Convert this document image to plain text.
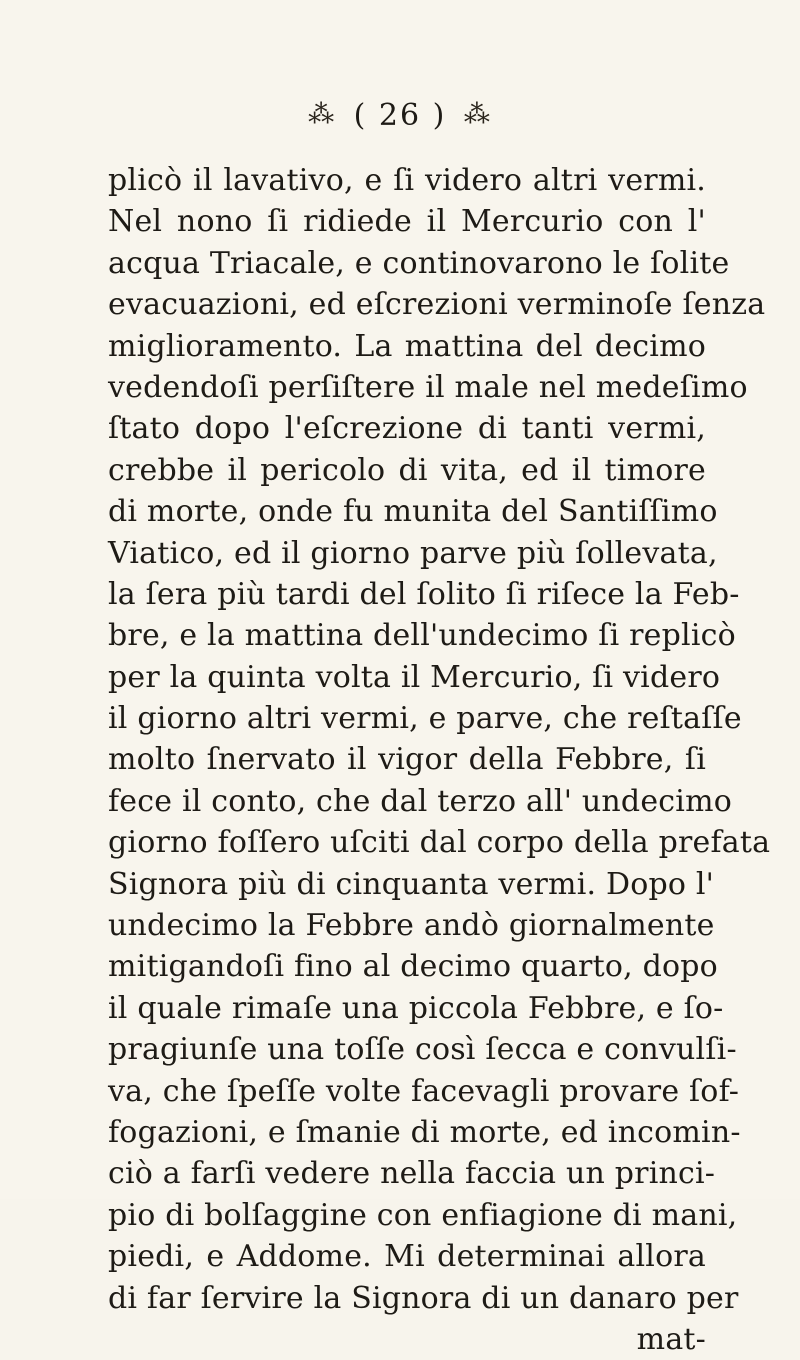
⁂ ( 26 ) ⁂
plicò il lavativo, e ſi videro altri vermi.
Nel nono ſi ridiede il Mercurio con l'
acqua Triacale, e continovarono le ſolite
evacuazioni, ed eſcrezioni verminoſe ſenza
miglioramento. La mattina del decimo
vedendoſi perſiſtere il male nel medeſimo
ſtato dopo l'eſcrezione di tanti vermi,
crebbe il pericolo di vita, ed il timore
di morte, onde fu munita del Santiſſimo
Viatico, ed il giorno parve più ſollevata,
la ſera più tardi del ſolito ſi riſece la Feb-
bre, e la mattina dell'undecimo ſi replicò
per la quinta volta il Mercurio, ſi videro
il giorno altri vermi, e parve, che reſtaſſe
molto ſnervato il vigor della Febbre, ſi
fece il conto, che dal terzo all' undecimo
giorno foſſero uſciti dal corpo della prefata
Signora più di cinquanta vermi. Dopo l'
undecimo la Febbre andò giornalmente
mitigandoſi fino al decimo quarto, dopo
il quale rimaſe una piccola Febbre, e ſo-
pragiunſe una toſſe così ſecca e convulſi-
va, che ſpeſſe volte facevagli provare ſof-
fogazioni, e ſmanie di morte, ed incomin-
ciò a farſi vedere nella faccia un princi-
pio di bolſaggine con enfiagione di mani,
piedi, e Addome. Mi determinai allora
di far ſervire la Signora di un danaro per
mat-
